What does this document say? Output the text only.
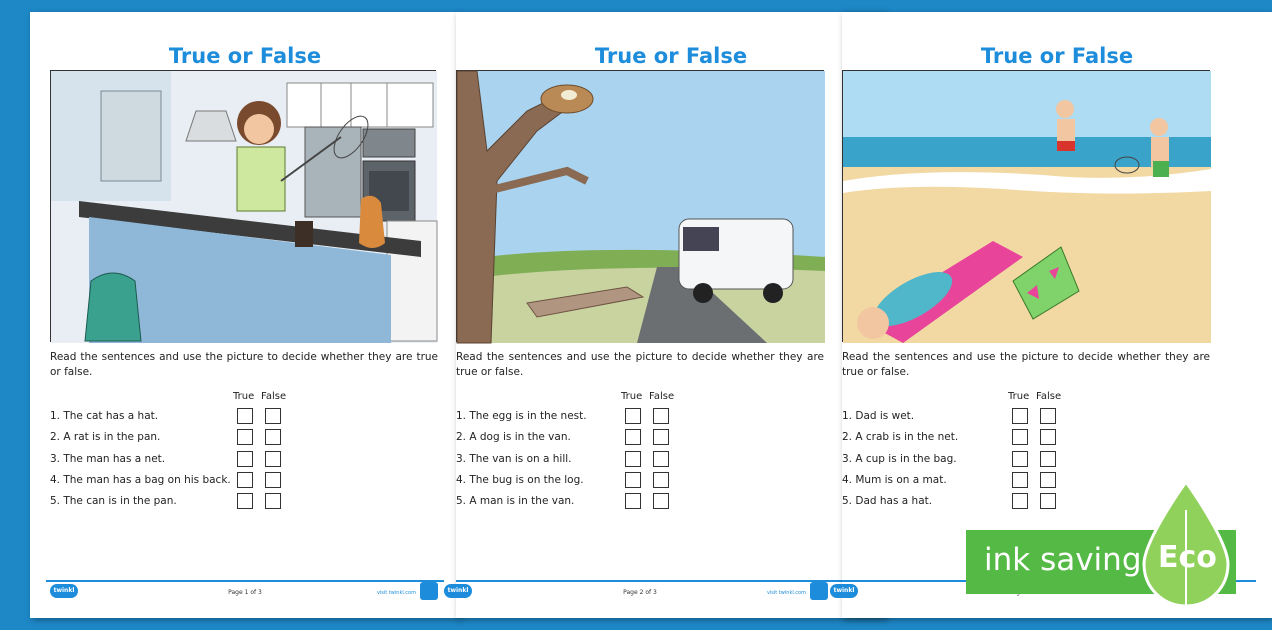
True or False
Read the sentences and use the picture to decide whether they are true or false.
True False
1. The cat has a hat.
2. A rat is in the pan.
3. The man has a net.
4. The man has a bag on his back.
5. The can is in the pan.
twinkl	Page 1 of 3	visit twinkl.com
True or False
Read the sentences and use the picture to decide whether they are true or false.
True False
1. The egg is in the nest.
2. A dog is in the van.
3. The van is on a hill.
4. The bug is on the log.
5. A man is in the van.
twinkl	Page 2 of 3	visit twinkl.com
True or False
Read the sentences and use the picture to decide whether they are true or false.
True False
1. Dad is wet.
2. A crab is in the net.
3. A cup is in the bag.
4. Mum is on a mat.
5. Dad has a hat.
twinkl
ink saving Eco
